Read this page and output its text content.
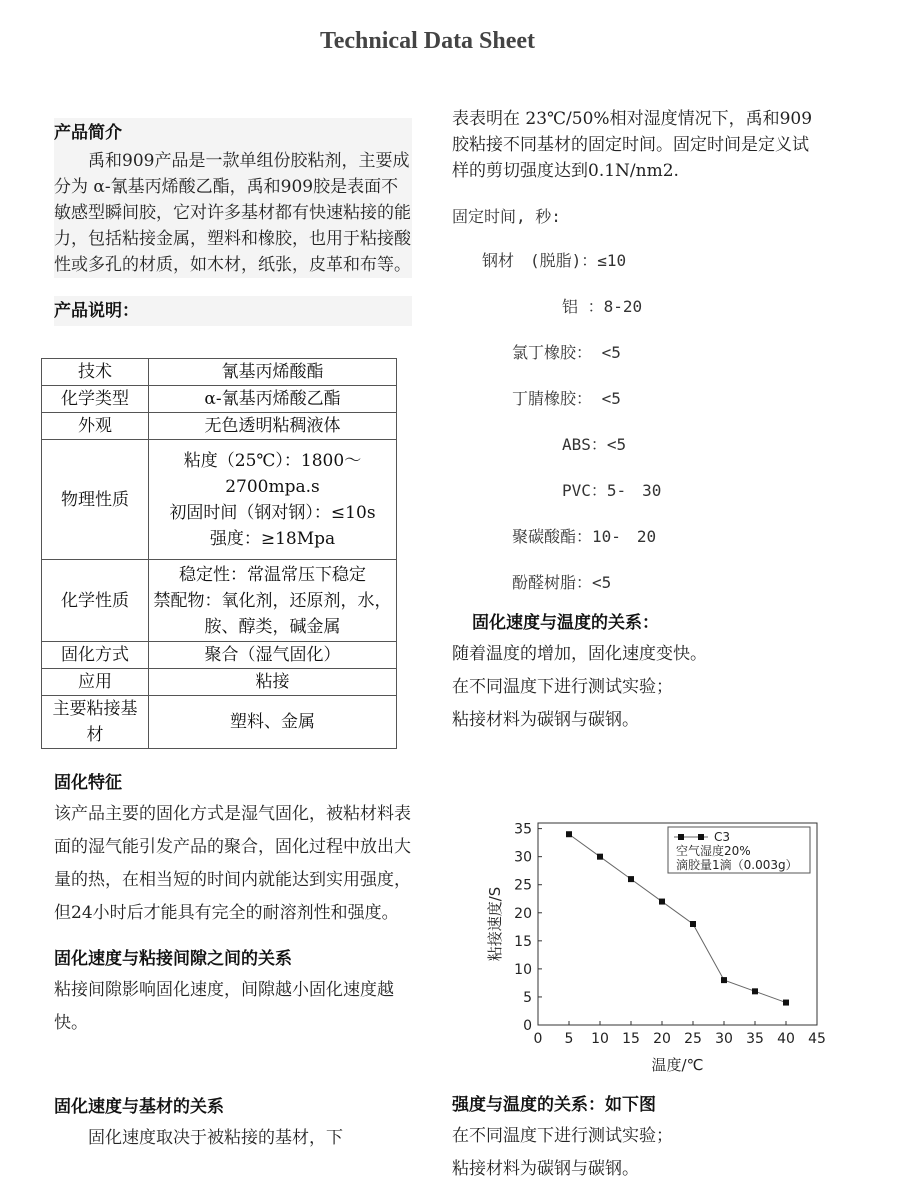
Technical Data Sheet
产品简介
禹和909产品是一款单组份胶粘剂，主要成分为 α-氰基丙烯酸乙酯，禹和909胶是表面不敏感型瞬间胶，它对许多基材都有快速粘接的能力，包括粘接金属，塑料和橡胶，也用于粘接酸性或多孔的材质，如木材，纸张，皮革和布等。
产品说明：
技术	氰基丙烯酸酯

化学类型	α-氰基丙烯酸乙酯

外观	无色透明粘稠液体

物理性质	粘度（25℃）：1800～2700mpa.s
初固时间（钢对钢）：≤10s
强度：≥18Mpa

化学性质	稳定性：常温常压下稳定
禁配物：氧化剂，还原剂，水，胺、醇类，碱金属

固化方式	聚合（湿气固化）

应用	粘接

主要粘接基材	塑料、金属
固化特征
该产品主要的固化方式是湿气固化，被粘材料表面的湿气能引发产品的聚合，固化过程中放出大量的热，在相当短的时间内就能达到实用强度，但24小时后才能具有完全的耐溶剂性和强度。
固化速度与粘接间隙之间的关系
粘接间隙影响固化速度，间隙越小固化速度越快。
固化速度与基材的关系
固化速度取决于被粘接的基材，下
表表明在 23℃/50%相对湿度情况下，禹和909胶粘接不同基材的固定时间。固定时间是定义试样的剪切强度达到0.1N/nm2.
固定时间, 秒:
钢材　(脱脂)：≤10
铝 ：8-20
氯丁橡胶： <5
丁腈橡胶： <5
ABS：<5
PVC：5-　30
聚碳酸酯：10-　20
酚醛树脂：<5
固化速度与温度的关系：
随着温度的增加，固化速度变快。
在不同温度下进行测试实验；
粘接材料为碳钢与碳钢。
0 5 10 15 20 25 30 35 40 45
0
5
10
15
20
25
30
35
温度/℃
粘接速度/S
C3
空气湿度20%
滴胶量1滴（0.003g）
强度与温度的关系：如下图
在不同温度下进行测试实验；
粘接材料为碳钢与碳钢。
